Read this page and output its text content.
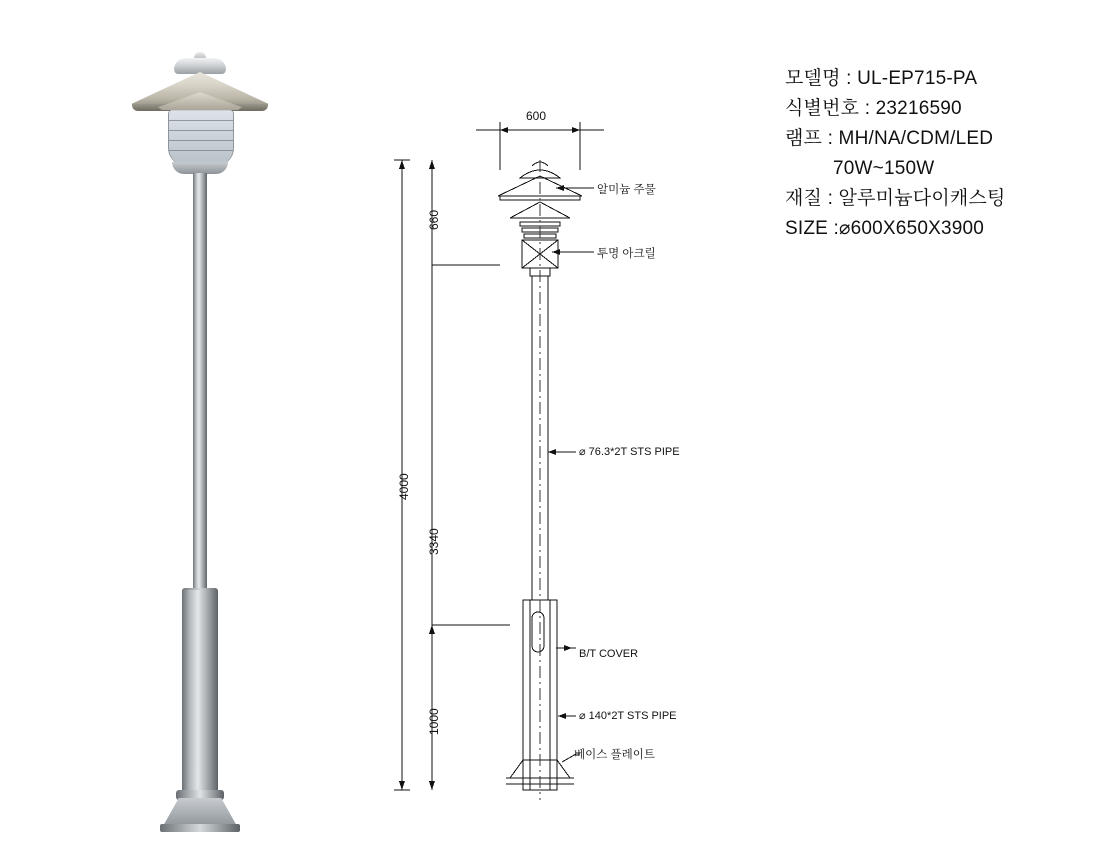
600
660
4000
3340
1000
알미늄 주물
투명 아크릴
⌀ 76.3*2T STS PIPE
B/T COVER
⌀ 140*2T STS PIPE
베이스 플레이트
모델명 : UL-EP715-PA
식별번호 : 23216590
램프 : MH/NA/CDM/LED
70W~150W
재질 : 알루미늄다이캐스팅
SIZE :⌀600X650X3900
